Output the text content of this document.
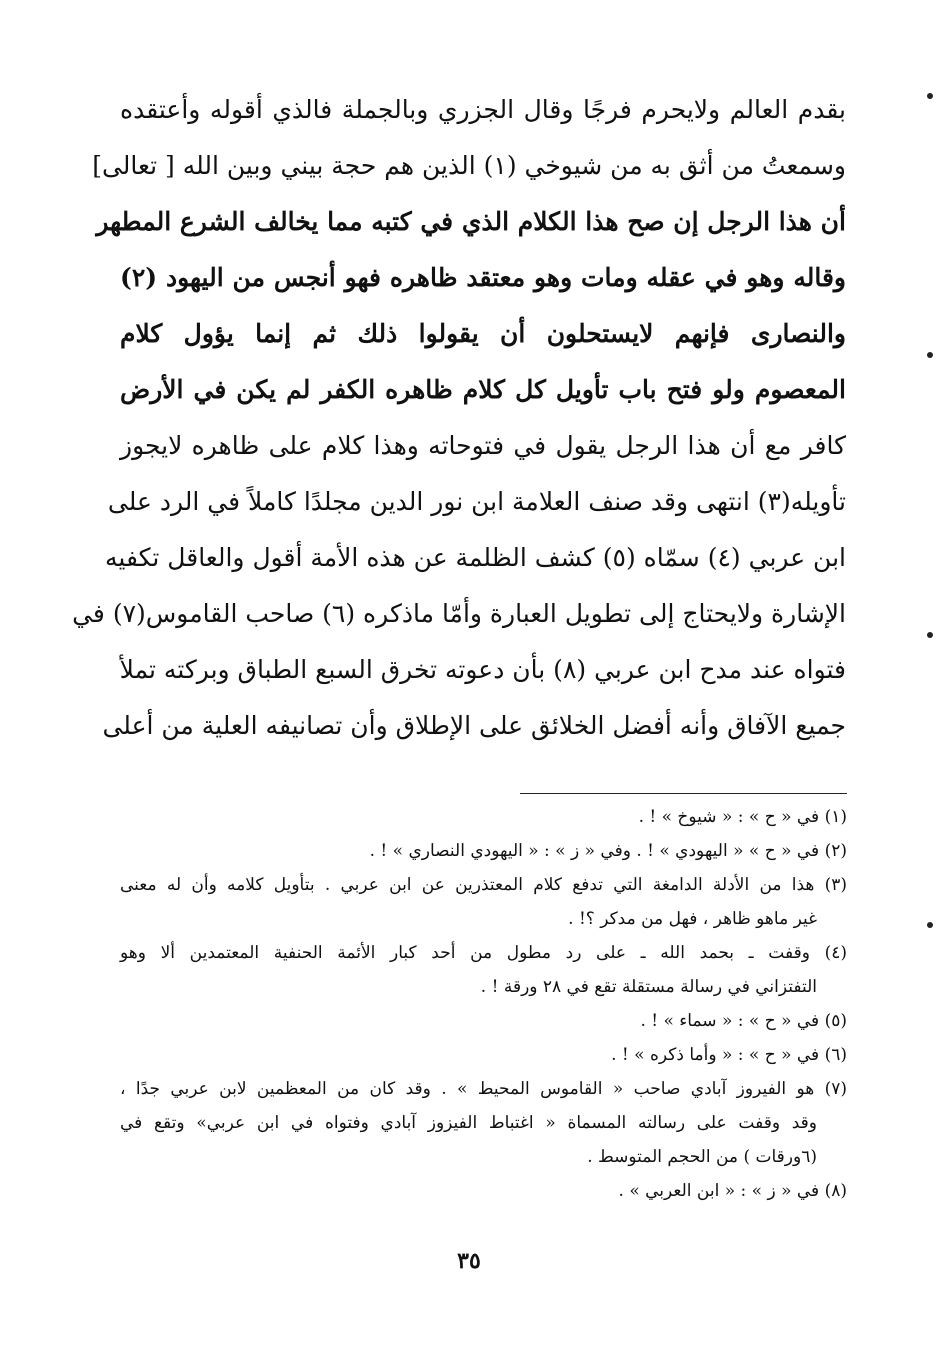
بقدم العالم ولايحرم فرجًا وقال الجزري وبالجملة فالذي أقوله وأعتقده
وسمعتُ من أثق به من شيوخي (١) الذين هم حجة بيني وبين الله [ تعالى]
أن هذا الرجل إن صح هذا الكلام الذي في كتبه مما يخالف الشرع المطهر
وقاله وهو في عقله ومات وهو معتقد ظاهره فهو أنجس من اليهود (٢)
والنصارى فإنهم لايستحلون أن يقولوا ذلك ثم إنما يؤول كلام
المعصوم ولو فتح باب تأويل كل كلام ظاهره الكفر لم يكن في الأرض
كافر مع أن هذا الرجل يقول في فتوحاته وهذا كلام على ظاهره لايجوز
تأويله(٣) انتهى وقد صنف العلامة ابن نور الدين مجلدًا كاملاً في الرد على
ابن عربي (٤) سمّاه (٥) كشف الظلمة عن هذه الأمة أقول والعاقل تكفيه
الإشارة ولايحتاج إلى تطويل العبارة وأمّا ماذكره (٦) صاحب القاموس(٧) في
فتواه عند مدح ابن عربي (٨) بأن دعوته تخرق السبع الطباق وبركته تملأ
جميع الآفاق وأنه أفضل الخلائق على الإطلاق وأن تصانيفه العلية من أعلى
(١) في « ح » : « شيوخ » ! .
(٢) في « ح » « اليهودي » ! . وفي « ز » : « اليهودي النصاري » ! .
(٣) هذا من الأدلة الدامغة التي تدفع كلام المعتذرين عن ابن عربي . بتأويل كلامه وأن له معنى
غير ماهو ظاهر ، فهل من مدكر ؟! .
(٤) وقفت ـ بحمد الله ـ على رد مطول من أحد كبار الأئمة الحنفية المعتمدين ألا وهو
التفتزاني في رسالة مستقلة تقع في ٢٨ ورقة ! .
(٥) في « ح » : « سماء » ! .
(٦) في « ح » : « وأما ذكره » ! .
(٧) هو الفيروز آبادي صاحب « القاموس المحيط » . وقد كان من المعظمين لابن عربي جدًا ،
وقد وقفت على رسالته المسماة « اغتباط الفيزوز آبادي وفتواه في ابن عربي» وتقع في
(٦ورقات ) من الحجم المتوسط .
(٨) في « ز » : « ابن العربي » .
٣٥
